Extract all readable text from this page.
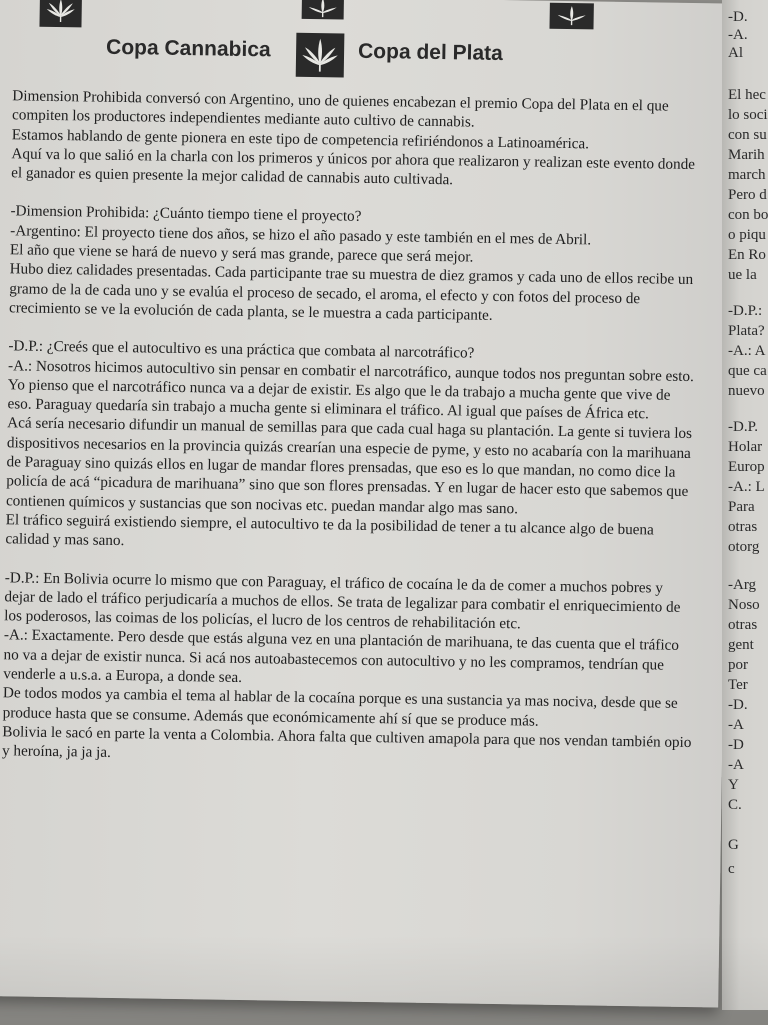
Copa Cannabica	Copa del Plata

Dimension Prohibida conversó con Argentino, uno de quienes encabezan el premio Copa del Plata en el que compiten los productores independientes mediante auto cultivo de cannabis.

Estamos hablando de gente pionera en este tipo de competencia refiriéndonos a Latinoamérica.

Aquí va lo que salió en la charla con los primeros y únicos por ahora que realizaron y realizan este evento donde el ganador es quien presente la mejor calidad de cannabis auto cultivada.

-Dimension Prohibida: ¿Cuánto tiempo tiene el proyecto?

-Argentino: El proyecto tiene dos años, se hizo el año pasado y este también en el mes de Abril.

El año que viene se hará de nuevo y será mas grande, parece que será mejor.

Hubo diez calidades presentadas. Cada participante trae su muestra de diez gramos y cada uno de ellos recibe un gramo de la de cada uno y se evalúa el proceso de secado, el aroma, el efecto y con fotos del proceso de crecimiento se ve la evolución de cada planta, se le muestra a cada participante.

-D.P.: ¿Creés que el autocultivo es una práctica que combata al narcotráfico?

-A.: Nosotros hicimos autocultivo sin pensar en combatir el narcotráfico, aunque todos nos preguntan sobre esto. Yo pienso que el narcotráfico nunca va a dejar de existir. Es algo que le da trabajo a mucha gente que vive de eso. Paraguay quedaría sin trabajo a mucha gente si eliminara el tráfico. Al igual que países de África etc.

Acá sería necesario difundir un manual de semillas para que cada cual haga su plantación. La gente si tuviera los dispositivos necesarios en la provincia quizás crearían una especie de pyme, y esto no acabaría con la marihuana de Paraguay sino quizás ellos en lugar de mandar flores prensadas, que eso es lo que mandan, no como dice la policía de acá “picadura de marihuana” sino que son flores prensadas. Y en lugar de hacer esto que sabemos que contienen químicos y sustancias que son nocivas etc. puedan mandar algo mas sano.

El tráfico seguirá existiendo siempre, el autocultivo te da la posibilidad de tener a tu alcance algo de buena calidad y mas sano.

-D.P.: En Bolivia ocurre lo mismo que con Paraguay, el tráfico de cocaína le da de comer a muchos pobres y dejar de lado el tráfico perjudicaría a muchos de ellos. Se trata de legalizar para combatir el enriquecimiento de los poderosos, las coimas de los policías, el lucro de los centros de rehabilitación etc.

-A.: Exactamente. Pero desde que estás alguna vez en una plantación de marihuana, te das cuenta que el tráfico no va a dejar de existir nunca. Si acá nos autoabastecemos con autocultivo y no les compramos, tendrían que venderle a u.s.a. a Europa, a donde sea.

De todos modos ya cambia el tema al hablar de la cocaína porque es una sustancia ya mas nociva, desde que se produce hasta que se consume. Además que económicamente ahí sí que se produce más.

Bolivia le sacó en parte la venta a Colombia. Ahora falta que cultiven amapola para que nos vendan también opio y heroína, ja ja ja.

-D.
-A.
Al
El hec
lo soci
con su
Marih
march
Pero d
con bo
o piqu
En Ro
ue la
-D.P.:
Plata?
-A.: A
que ca
nuevo
-D.P.
Holar
Europ
-A.: L
Para
otras
otorg
-Arg
Noso
otras
gent
por
Ter
-D.
-A
-D
-A
Y
C.
G
c
